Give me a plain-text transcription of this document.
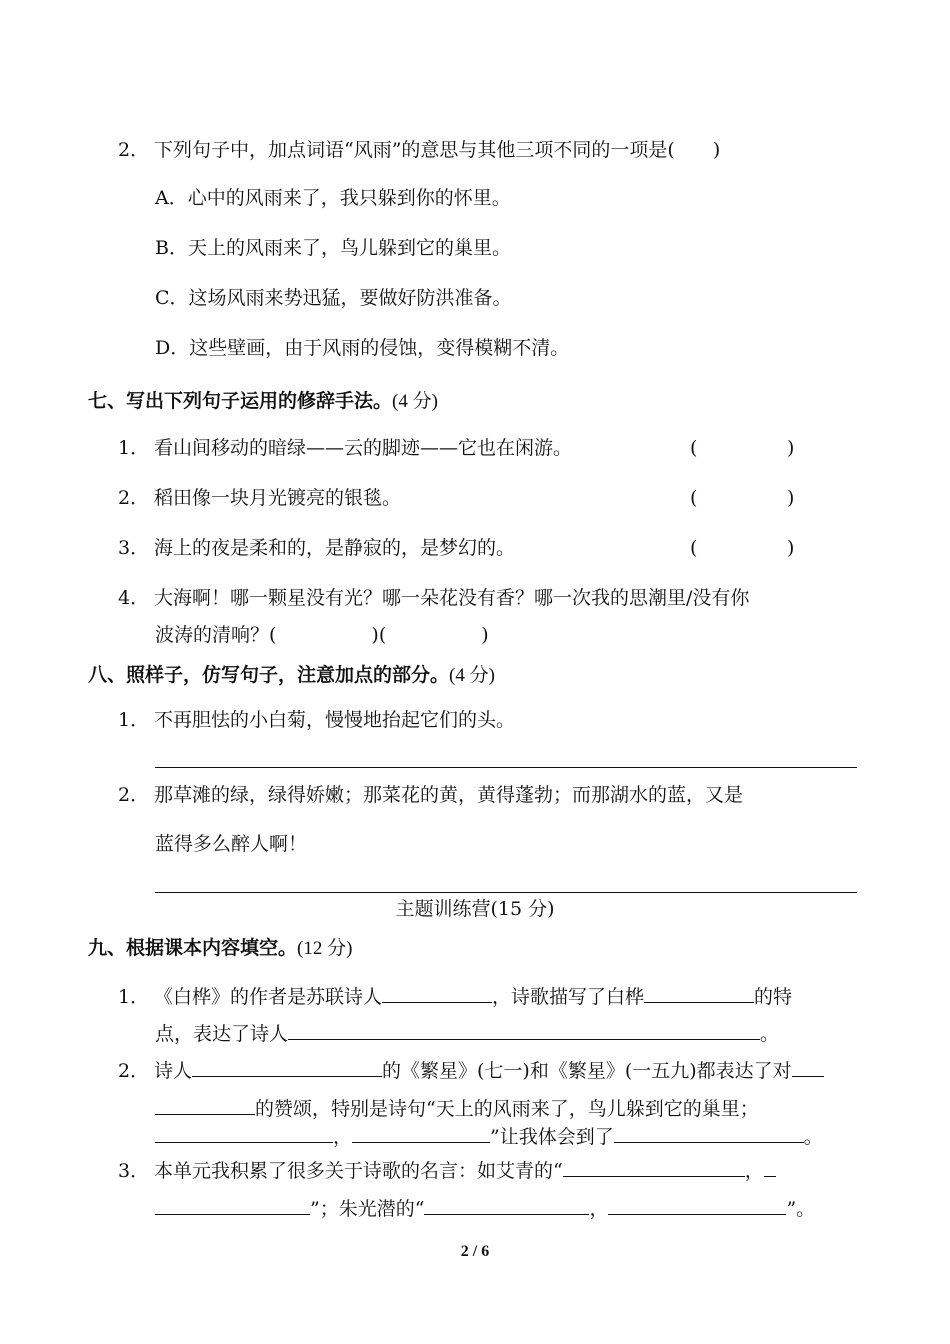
2． 下列句子中，加点词语“风雨”的意思与其他三项不同的一项是(　　)
A．心中的风雨来了，我只躲到你的怀里。
B．天上的风雨来了，鸟儿躲到它的巢里。
C．这场风雨来势迅猛，要做好防洪准备。
D．这些壁画，由于风雨的侵蚀，变得模糊不清。
七、写出下列句子运用的修辞手法。(4 分)
1． 看山间移动的暗绿——云的脚迹——它也在闲游。	(	)
2． 稻田像一块月光镀亮的银毯。	(	)
3． 海上的夜是柔和的，是静寂的，是梦幻的。	(	)
4． 大海啊！哪一颗星没有光？哪一朵花没有香？哪一次我的思潮里/没有你
波涛的清响？(　　　　　)(　　　　　)
八、照样子，仿写句子，注意加点的部分。(4 分)
1． 不再胆怯的小白菊，慢慢地抬起它们的头。
2． 那草滩的绿，绿得娇嫩；那菜花的黄，黄得蓬勃；而那湖水的蓝，又是
蓝得多么醉人啊！
主题训练营(15 分)
九、根据课本内容填空。(12 分)
1． 《白桦》的作者是苏联诗人	，诗歌描写了白桦	的特
点，表达了诗人	。
2． 诗人	的《繁星》(七一)和《繁星》(一五九)都表达了对
的赞颂，特别是诗句“天上的风雨来了，鸟儿躲到它的巢里；
，	”让我体会到了	。
3． 本单元我积累了很多关于诗歌的名言：如艾青的“	，
”；朱光潜的“	，	”。
2 / 6
